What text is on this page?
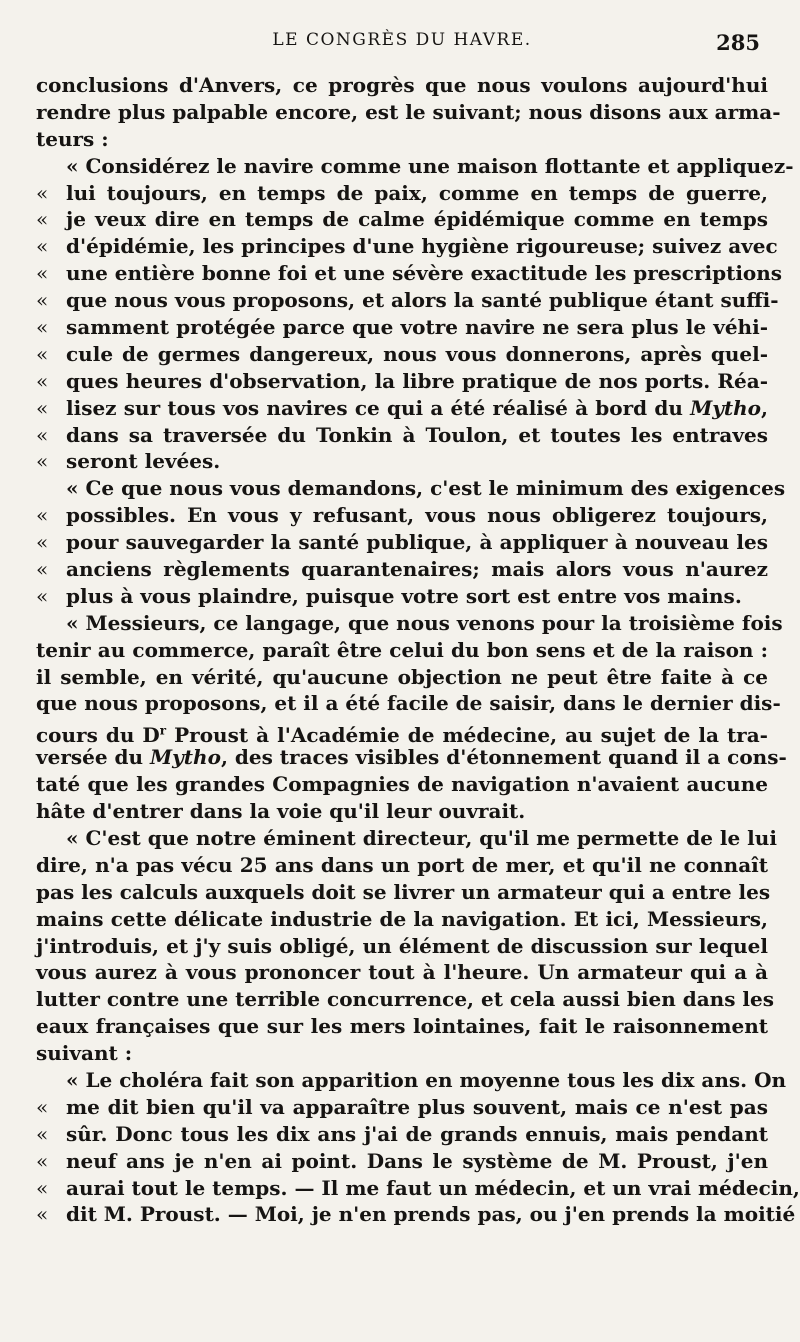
LE CONGRÈS DU HAVRE.	285
conclusions d'Anvers, ce progrès que nous voulons aujourd'hui
rendre plus palpable encore, est le suivant; nous disons aux arma-
teurs :
« Considérez le navire comme une maison flottante et appliquez-
« lui toujours, en temps de paix, comme en temps de guerre,
« je veux dire en temps de calme épidémique comme en temps
« d'épidémie, les principes d'une hygiène rigoureuse; suivez avec
« une entière bonne foi et une sévère exactitude les prescriptions
« que nous vous proposons, et alors la santé publique étant suffi-
« samment protégée parce que votre navire ne sera plus le véhi-
« cule de germes dangereux, nous vous donnerons, après quel-
« ques heures d'observation, la libre pratique de nos ports. Réa-
« lisez sur tous vos navires ce qui a été réalisé à bord du Mytho,
« dans sa traversée du Tonkin à Toulon, et toutes les entraves
« seront levées.
« Ce que nous vous demandons, c'est le minimum des exigences
« possibles. En vous y refusant, vous nous obligerez toujours,
« pour sauvegarder la santé publique, à appliquer à nouveau les
« anciens règlements quarantenaires; mais alors vous n'aurez
« plus à vous plaindre, puisque votre sort est entre vos mains.
« Messieurs, ce langage, que nous venons pour la troisième fois
tenir au commerce, paraît être celui du bon sens et de la raison :
il semble, en vérité, qu'aucune objection ne peut être faite à ce
que nous proposons, et il a été facile de saisir, dans le dernier dis-
cours du $D^r$ Proust à l'Académie de médecine, au sujet de la tra-
versée du Mytho, des traces visibles d'étonnement quand il a cons-
taté que les grandes Compagnies de navigation n'avaient aucune
hâte d'entrer dans la voie qu'il leur ouvrait.
« C'est que notre éminent directeur, qu'il me permette de le lui
dire, n'a pas vécu 25 ans dans un port de mer, et qu'il ne connaît
pas les calculs auxquels doit se livrer un armateur qui a entre les
mains cette délicate industrie de la navigation. Et ici, Messieurs,
j'introduis, et j'y suis obligé, un élément de discussion sur lequel
vous aurez à vous prononcer tout à l'heure. Un armateur qui a à
lutter contre une terrible concurrence, et cela aussi bien dans les
eaux françaises que sur les mers lointaines, fait le raisonnement
suivant :
« Le choléra fait son apparition en moyenne tous les dix ans. On
« me dit bien qu'il va apparaître plus souvent, mais ce n'est pas
« sûr. Donc tous les dix ans j'ai de grands ennuis, mais pendant
« neuf ans je n'en ai point. Dans le système de M. Proust, j'en
« aurai tout le temps. — Il me faut un médecin, et un vrai médecin,
« dit M. Proust. — Moi, je n'en prends pas, ou j'en prends la moitié
